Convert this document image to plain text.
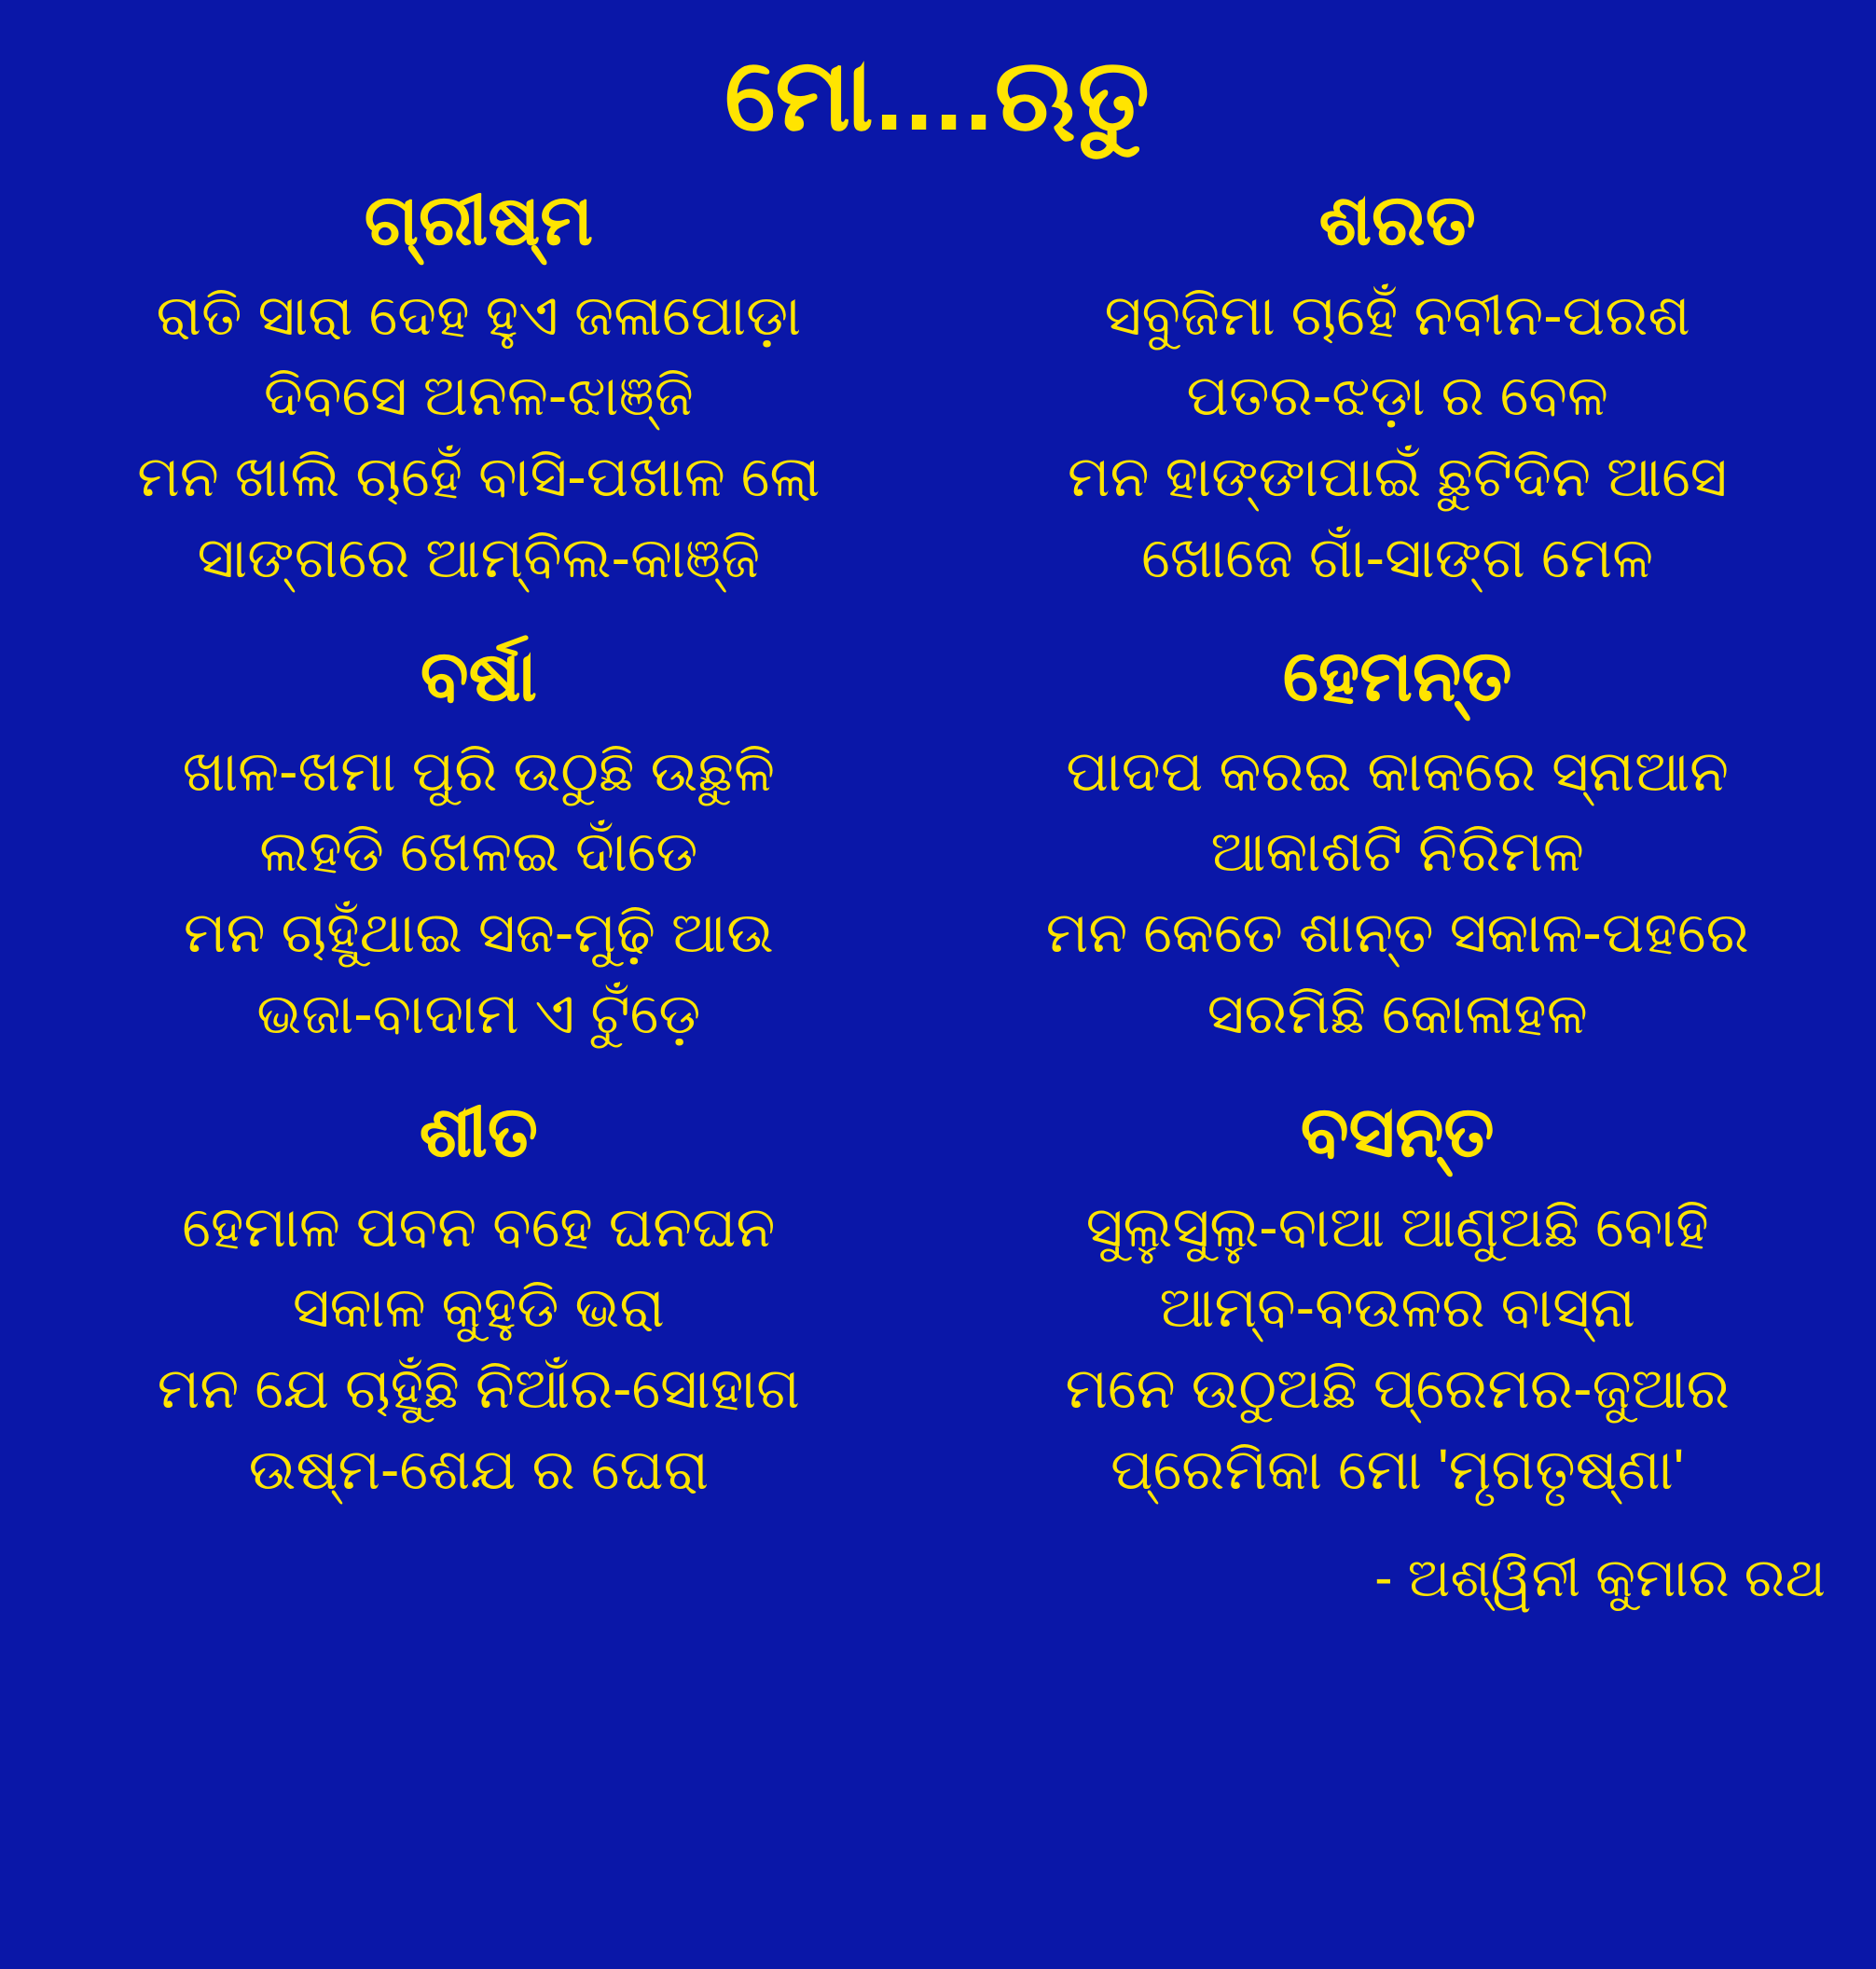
ମୋ....ଋତୁ
ଗ୍ରୀଷ୍ମ
ରାତି ସାରା ଦେହ ହୁଏ ଜଳାପୋଡ଼ା
ଦିବସେ ଅନଳ-ଝାଞ୍ଜି
ମନ ଖାଲି ଚାହେଁ ବାସି-ପଖାଳ ଲୋ
ସାଙ୍ଗରେ ଆମ୍ବିଲ-କାଞ୍ଜି
ବର୍ଷା
ଖାଳ-ଖମା ପୁରି ଉଠୁଛି ଉଛୁଳି
ଲହଡି ଖେଳଇ ଦାଁଡେ
ମନ ଚାହୁଁଥାଇ ସଜ-ମୁଢ଼ି ଆଉ
ଭଜା-ବାଦାମ ଏ ଟୁଁଡ଼େ
ଶୀତ
ହେମାଳ ପବନ ବହେ ଘନଘନ
ସକାଳ କୁହୁଡି ଭରା
ମନ ଯେ ଚାହୁଁଛି ନିଆଁର-ସୋହାଗ
ଉଷ୍ମ-ଶେଯ ର ଘେରା
ଶରତ
ସବୁଜିମା ଚାହେଁ ନବୀନ-ପରଶ
ପତର-ଝଡ଼ା ର ବେଳ
ମନ ହାଙ୍ଙାପାଇଁ ଛୁଟିଦିନ ଆସେ
ଖୋଜେ ଗାଁ-ସାଙ୍ଗ ମେଳ
ହେମନ୍ତ
ପାଦପ କରଇ କାକରେ ସ୍ନାଆନ
ଆକାଶଟି ନିରିମଳ
ମନ କେତେ ଶାନ୍ତ ସକାଳ-ପହରେ
ସରମିଛି କୋଳାହଳ
ବସନ୍ତ
ସୁଲୁସୁଲୁ-ବାଆ ଆଣୁଅଛି ବୋହି
ଆମ୍ବ-ବଉଳର ବାସ୍ନା
ମନେ ଉଠୁଅଛି ପ୍ରେମର-ଜୁଆର
ପ୍ରେମିକା ମୋ 'ମୃଗତୃଷ୍ଣା'
- ଅଶ୍ୱିନୀ କୁମାର ରଥ
